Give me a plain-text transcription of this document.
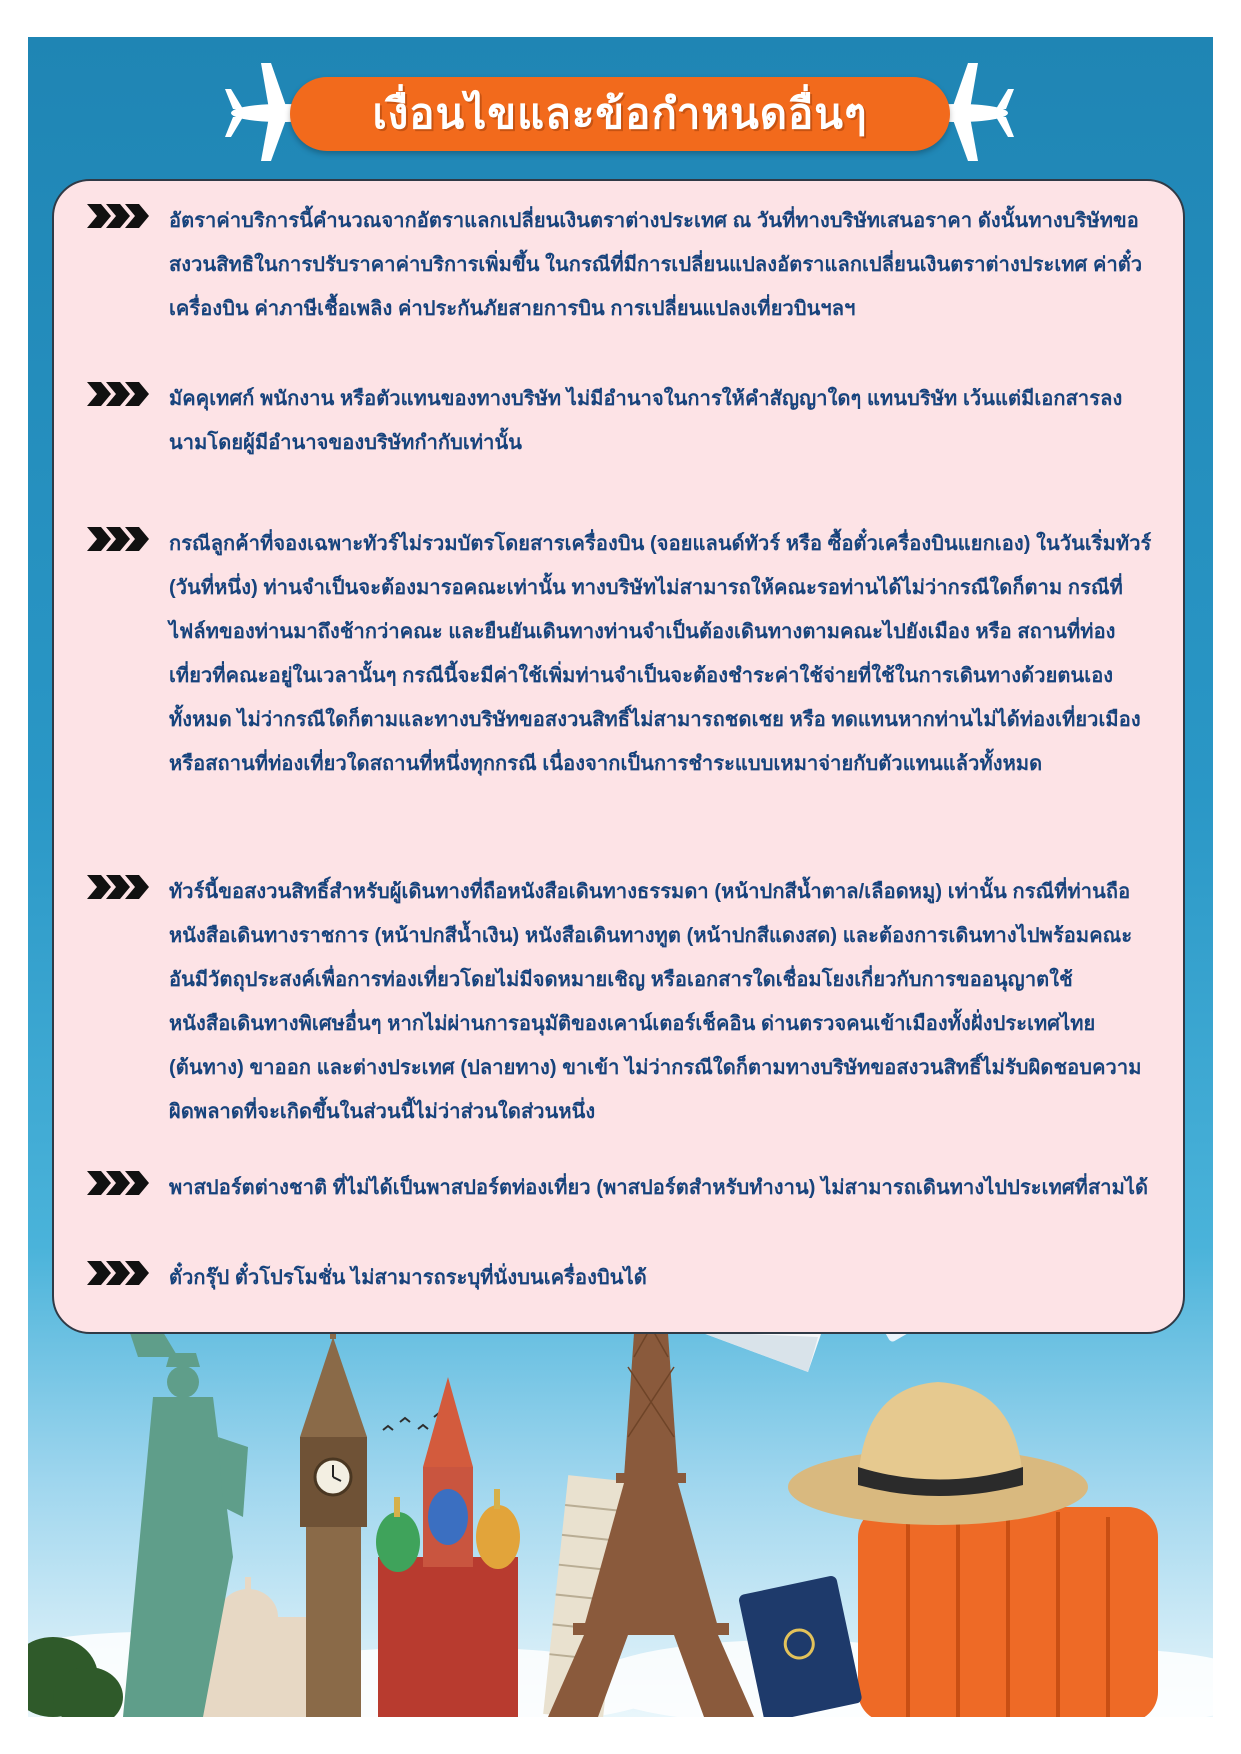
เงื่อนไขและข้อกำหนดอื่นๆ

อัตราค่าบริการนี้คำนวณจากอัตราแลกเปลี่ยนเงินตราต่างประเทศ ณ วันที่ทางบริษัทเสนอราคา ดังนั้นทางบริษัทขอสงวนสิทธิในการปรับราคาค่าบริการเพิ่มขึ้น ในกรณีที่มีการเปลี่ยนแปลงอัตราแลกเปลี่ยนเงินตราต่างประเทศ ค่าตั๋วเครื่องบิน ค่าภาษีเชื้อเพลิง ค่าประกันภัยสายการบิน การเปลี่ยนแปลงเที่ยวบินฯลฯ

มัคคุเทศก์ พนักงาน หรือตัวแทนของทางบริษัท ไม่มีอำนาจในการให้คำสัญญาใดๆ แทนบริษัท เว้นแต่มีเอกสารลงนามโดยผู้มีอำนาจของบริษัทกำกับเท่านั้น

กรณีลูกค้าที่จองเฉพาะทัวร์ไม่รวมบัตรโดยสารเครื่องบิน (จอยแลนด์ทัวร์ หรือ ซื้อตั๋วเครื่องบินแยกเอง) ในวันเริ่มทัวร์ (วันที่หนึ่ง) ท่านจำเป็นจะต้องมารอคณะเท่านั้น ทางบริษัทไม่สามารถให้คณะรอท่านได้ไม่ว่ากรณีใดก็ตาม กรณีที่ไฟล์ทของท่านมาถึงช้ากว่าคณะ และยืนยันเดินทางท่านจำเป็นต้องเดินทางตามคณะไปยังเมือง หรือ สถานที่ท่องเที่ยวที่คณะอยู่ในเวลานั้นๆ กรณีนี้จะมีค่าใช้เพิ่มท่านจำเป็นจะต้องชำระค่าใช้จ่ายที่ใช้ในการเดินทางด้วยตนเองทั้งหมด ไม่ว่ากรณีใดก็ตามและทางบริษัทขอสงวนสิทธิ์ไม่สามารถชดเชย หรือ ทดแทนหากท่านไม่ได้ท่องเที่ยวเมือง หรือสถานที่ท่องเที่ยวใดสถานที่หนึ่งทุกกรณี เนื่องจากเป็นการชำระแบบเหมาจ่ายกับตัวแทนแล้วทั้งหมด

ทัวร์นี้ขอสงวนสิทธิ์สำหรับผู้เดินทางที่ถือหนังสือเดินทางธรรมดา (หน้าปกสีน้ำตาล/เลือดหมู) เท่านั้น กรณีที่ท่านถือหนังสือเดินทางราชการ (หน้าปกสีน้ำเงิน) หนังสือเดินทางทูต (หน้าปกสีแดงสด) และต้องการเดินทางไปพร้อมคณะ อันมีวัตถุประสงค์เพื่อการท่องเที่ยวโดยไม่มีจดหมายเชิญ หรือเอกสารใดเชื่อมโยงเกี่ยวกับการขออนุญาตใช้หนังสือเดินทางพิเศษอื่นๆ หากไม่ผ่านการอนุมัติของเคาน์เตอร์เช็คอิน ด่านตรวจคนเข้าเมืองทั้งฝั่งประเทศไทย (ต้นทาง) ขาออก และต่างประเทศ (ปลายทาง) ขาเข้า ไม่ว่ากรณีใดก็ตามทางบริษัทขอสงวนสิทธิ์ไม่รับผิดชอบความผิดพลาดที่จะเกิดขึ้นในส่วนนี้ไม่ว่าส่วนใดส่วนหนึ่ง

พาสปอร์ตต่างชาติ ที่ไม่ได้เป็นพาสปอร์ตท่องเที่ยว (พาสปอร์ตสำหรับทำงาน) ไม่สามารถเดินทางไปประเทศที่สามได้

ตั๋วกรุ๊ป ตั๋วโปรโมชั่น ไม่สามารถระบุที่นั่งบนเครื่องบินได้
